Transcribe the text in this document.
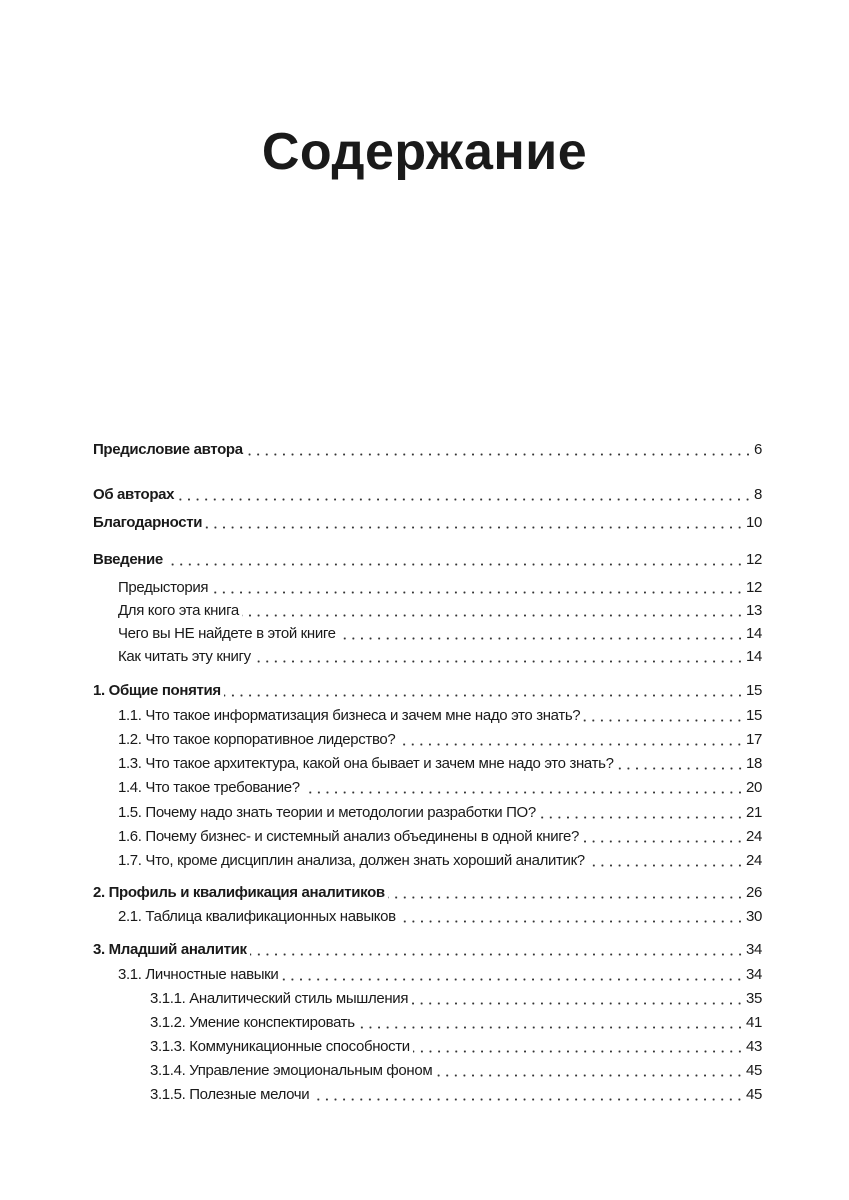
Содержание
Предисловие автора	6
Об авторах	8
Благодарности	10
Введение	12
Предыстория	12
Для кого эта книга	13
Чего вы НЕ найдете в этой книге	14
Как читать эту книгу	14
1. Общие понятия	15
1.1. Что такое информатизация бизнеса и зачем мне надо это знать?	15
1.2. Что такое корпоративное лидерство?	17
1.3. Что такое архитектура, какой она бывает и зачем мне надо это знать?	18
1.4. Что такое требование?	20
1.5. Почему надо знать теории и методологии разработки ПО?	21
1.6. Почему бизнес- и системный анализ объединены в одной книге?	24
1.7. Что, кроме дисциплин анализа, должен знать хороший аналитик?	24
2. Профиль и квалификация аналитиков	26
2.1. Таблица квалификационных навыков	30
3. Младший аналитик	34
3.1. Личностные навыки	34
3.1.1. Аналитический стиль мышления	35
3.1.2. Умение конспектировать	41
3.1.3. Коммуникационные способности	43
3.1.4. Управление эмоциональным фоном	45
3.1.5. Полезные мелочи	45
